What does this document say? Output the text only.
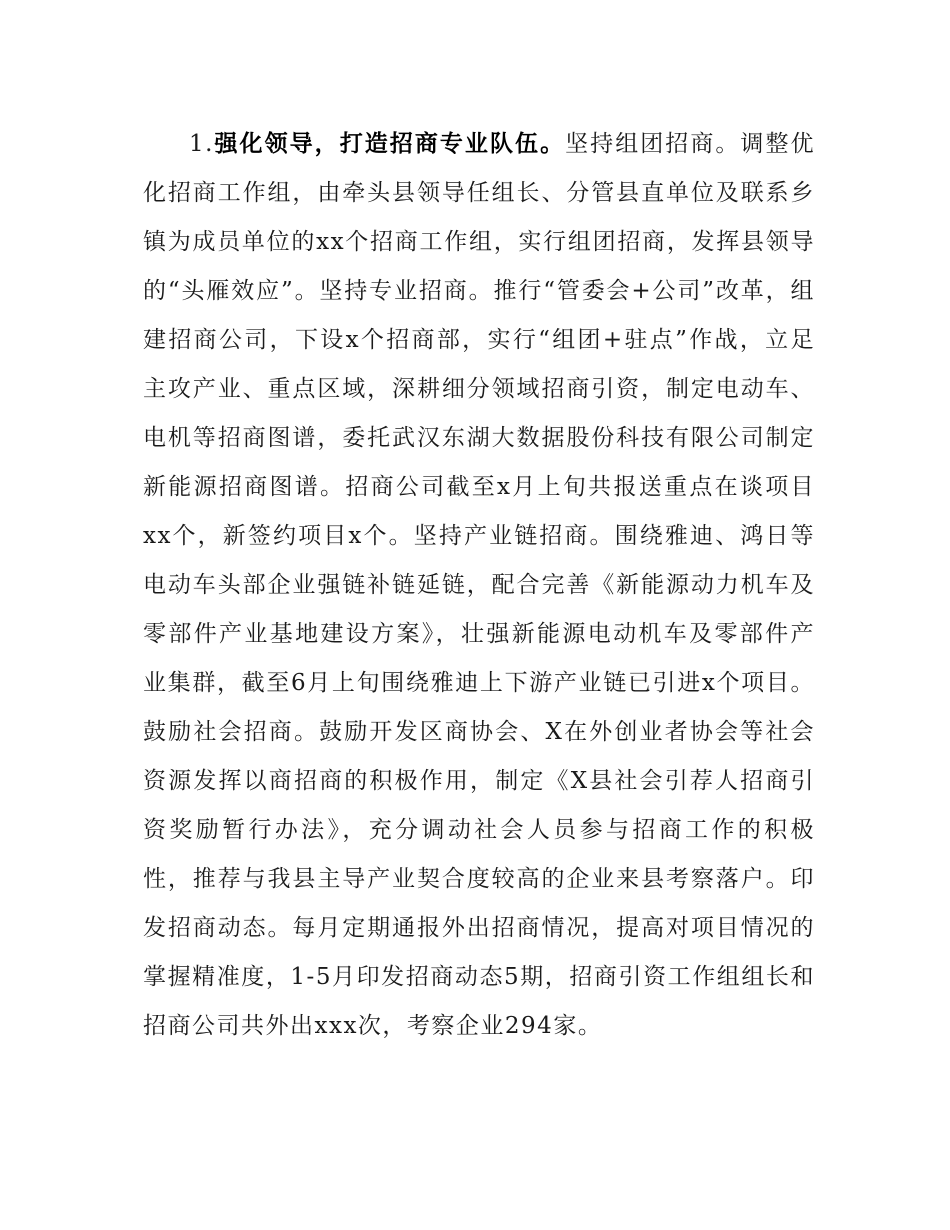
1.强化领导，打造招商专业队伍。坚持组团招商。调整优化招商工作组，由牵头县领导任组长、分管县直单位及联系乡镇为成员单位的xx个招商工作组，实行组团招商，发挥县领导的“头雁效应”。坚持专业招商。推行“管委会+公司”改革，组建招商公司，下设x个招商部，实行“组团+驻点”作战，立足主攻产业、重点区域，深耕细分领域招商引资，制定电动车、电机等招商图谱，委托武汉东湖大数据股份科技有限公司制定新能源招商图谱。招商公司截至x月上旬共报送重点在谈项目xx个，新签约项目x个。坚持产业链招商。围绕雅迪、鸿日等电动车头部企业强链补链延链，配合完善《新能源动力机车及零部件产业基地建设方案》，壮强新能源电动机车及零部件产业集群，截至6月上旬围绕雅迪上下游产业链已引进x个项目。鼓励社会招商。鼓励开发区商协会、X在外创业者协会等社会资源发挥以商招商的积极作用，制定《X县社会引荐人招商引资奖励暂行办法》，充分调动社会人员参与招商工作的积极性，推荐与我县主导产业契合度较高的企业来县考察落户。印发招商动态。每月定期通报外出招商情况，提高对项目情况的掌握精准度，1-5月印发招商动态5期，招商引资工作组组长和招商公司共外出xxx次，考察企业294家。
